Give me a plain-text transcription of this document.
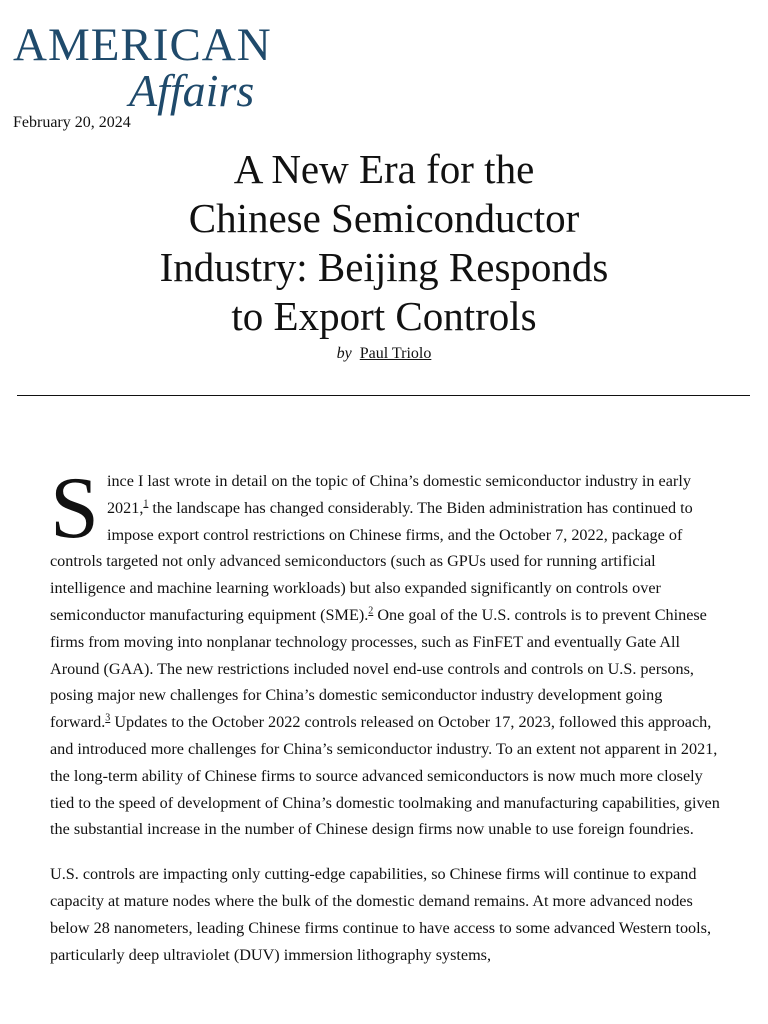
AMERICAN
Affairs
February 20, 2024
A New Era for the
Chinese Semiconductor
Industry: Beijing Responds
to Export Controls
by Paul Triolo

S ince I last wrote in detail on the topic of China’s domestic semiconductor industry in early 2021,$^1$ the landscape has changed considerably. The Biden administration has continued to impose export control restrictions on Chinese firms, and the October 7, 2022, package of controls targeted not only advanced semiconductors (such as GPUs used for running artificial intelligence and machine learning workloads) but also expanded significantly on controls over semiconductor manufacturing equipment (SME).$^2$ One goal of the U.S. controls is to prevent Chinese firms from moving into nonplanar technology processes, such as FinFET and eventually Gate All Around (GAA). The new restrictions included novel end-use controls and controls on U.S. persons, posing major new challenges for China’s domestic semiconductor industry development going forward.$^3$ Updates to the October 2022 controls released on October 17, 2023, followed this approach, and introduced more challenges for China’s semiconductor industry. To an extent not apparent in 2021, the long-term ability of Chinese firms to source advanced semiconductors is now much more closely tied to the speed of development of China’s domestic toolmaking and manufacturing capabilities, given the substantial increase in the number of Chinese design firms now unable to use foreign foundries.

U.S. controls are impacting only cutting-edge capabilities, so Chinese firms will continue to expand capacity at mature nodes where the bulk of the domestic demand remains. At more advanced nodes below 28 nanometers, leading Chinese firms continue to have access to some advanced Western tools, particularly deep ultraviolet (DUV) immersion lithography systems,
